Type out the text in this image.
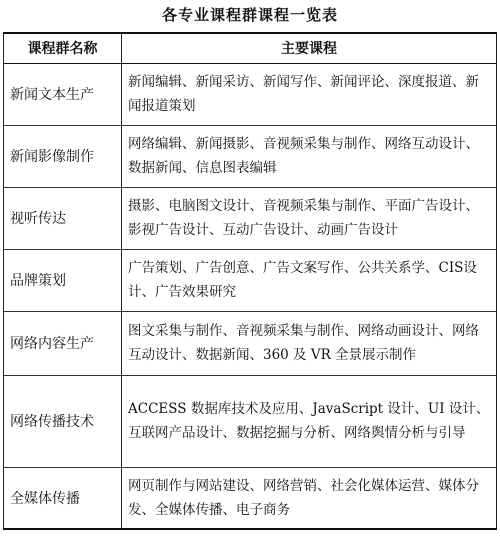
各专业课程群课程一览表
课程群名称	主要课程
新闻文本生产	新闻编辑、新闻采访、新闻写作、新闻评论、深度报道、新闻报道策划
新闻影像制作	网络编辑、新闻摄影、音视频采集与制作、网络互动设计、数据新闻、信息图表编辑
视听传达	摄影、电脑图文设计、音视频采集与制作、平面广告设计、影视广告设计、互动广告设计、动画广告设计
品牌策划	广告策划、广告创意、广告文案写作、公共关系学、CIS设计、广告效果研究
网络内容生产	图文采集与制作、音视频采集与制作、网络动画设计、网络互动设计、数据新闻、360 及 VR 全景展示制作
网络传播技术	ACCESS 数据库技术及应用、JavaScript 设计、UI 设计、互联网产品设计、数据挖掘与分析、网络舆情分析与引导
全媒体传播	网页制作与网站建设、网络营销、社会化媒体运营、媒体分发、全媒体传播、电子商务
